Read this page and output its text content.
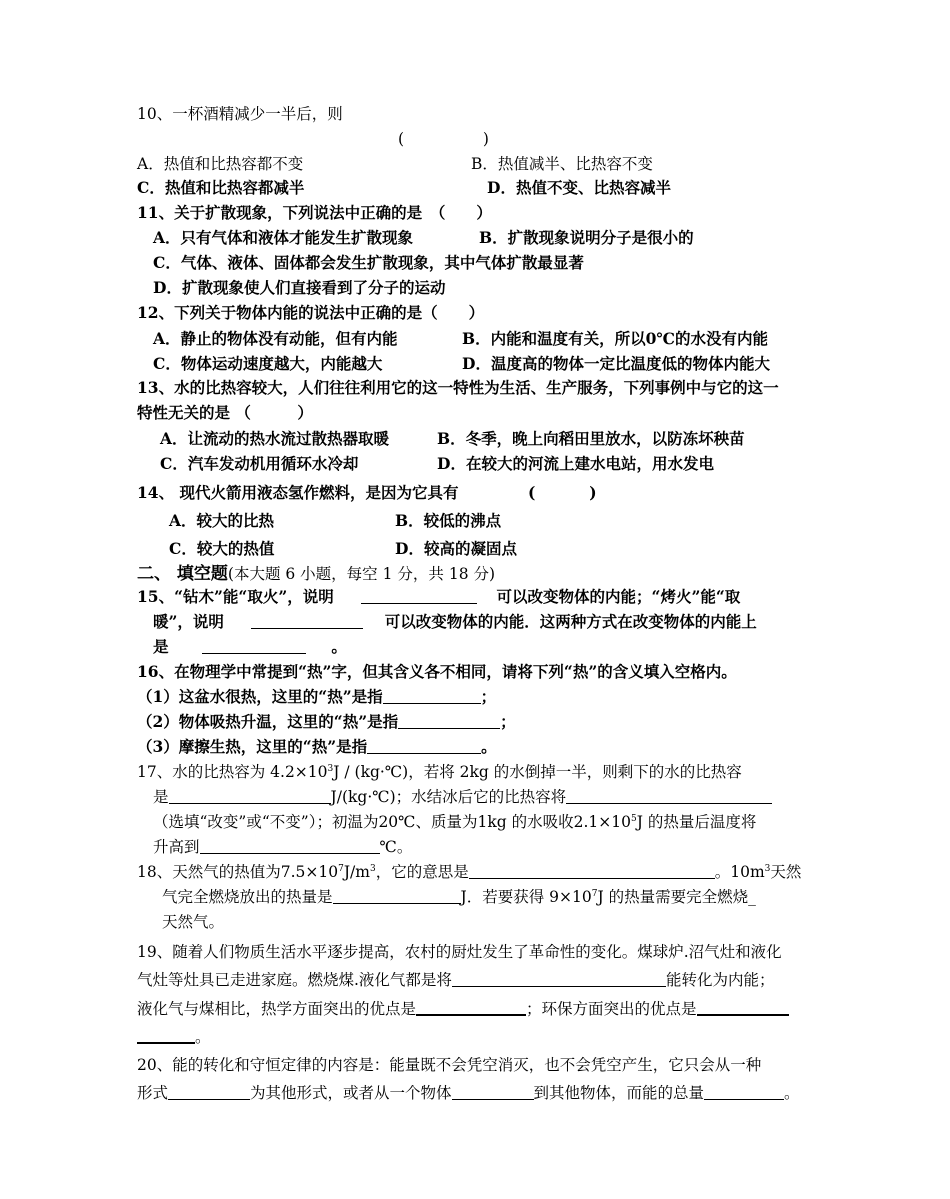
10、一杯酒精减少一半后，则
(                )
A．热值和比热容都不变	B．热值减半、比热容不变
C．热值和比热容都减半	D．热值不变、比热容减半
11、关于扩散现象，下列说法中正确的是　（　　）
A．只有气体和液体才能发生扩散现象	B．扩散现象说明分子是很小的
C．气体、液体、固体都会发生扩散现象，其中气体扩散最显著
D．扩散现象使人们直接看到了分子的运动
12、下列关于物体内能的说法中正确的是（　　）
A．静止的物体没有动能，但有内能	B．内能和温度有关，所以0℃的水没有内能
C．物体运动速度越大，内能越大	D．温度高的物体一定比温度低的物体内能大
13、水的比热容较大，人们往往利用它的这一特性为生活、生产服务，下列事例中与它的这一
特性无关的是 （　　　）
A．让流动的热水流过散热器取暖	B．冬季，晚上向稻田里放水，以防冻坏秧苗
C．汽车发动机用循环水冷却	D．在较大的河流上建水电站，用水发电
14、 现代火箭用液态氢作燃料，是因为它具有	(          )
A．较大的比热	B．较低的沸点
C．较大的热值	D．较高的凝固点
二、 填空题(本大题 6 小题，每空 1 分，共 18 分)
15、“钻木”能“取火”，说明	可以改变物体的内能；“烤火”能“取
暖”，说明	可以改变物体的内能．这两种方式在改变物体的内能上
是	。
16、在物理学中常提到“热”字，但其含义各不相同，请将下列“热”的含义填入空格内。
（1）这盆水很热，这里的“热”是指	；
（2）物体吸热升温，这里的“热”是指	；
（3）摩擦生热，这里的“热”是指	。
17、水的比热容为 $4.2\times 10^3J$ / (kg·℃)，若将 2kg 的水倒掉一半，则剩下的水的比热容
是	J/(kg·℃)；水结冰后它的比热容将
（选填“改变”或“不变”）；初温为20℃、质量为1kg 的水吸收$2.1\times 10^5J$ 的热量后温度将
升高到	℃。
18、天然气的热值为$7.5\times 10^7J/m^3$，它的意思是	。$10m^3$天然
气完全燃烧放出的热量是	J．若要获得 $9\times 10^7J$ 的热量需要完全燃烧_
天然气。
19、随着人们物质生活水平逐步提高，农村的厨灶发生了革命性的变化。煤球炉.沼气灶和液化
气灶等灶具已走进家庭。燃烧煤.液化气都是将	能转化为内能；
液化气与煤相比，热学方面突出的优点是	；环保方面突出的优点是
。
20、能的转化和守恒定律的内容是：能量既不会凭空消灭，也不会凭空产生，它只会从一种
形式	为其他形式，或者从一个物体	到其他物体，而能的总量	。
